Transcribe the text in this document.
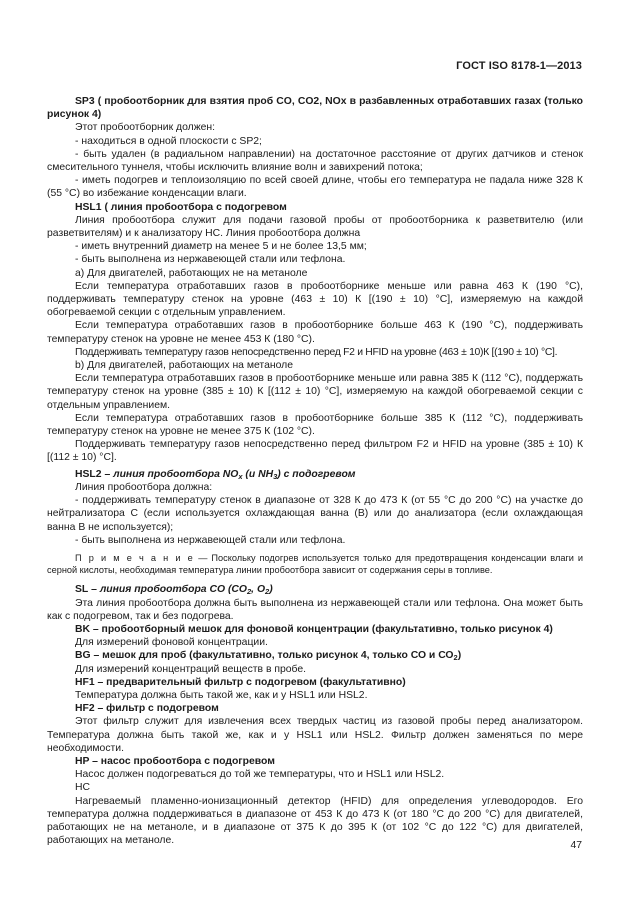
ГОСТ ISO 8178-1—2013

SP3 ( пробоотборник для взятия проб CO, CO2, NOx в разбавленных отработавших газах (только рисунок 4)

Этот пробоотборник должен:

- находиться в одной плоскости с SP2;

- быть удален (в радиальном направлении) на достаточное расстояние от других датчиков и стенок смесительного туннеля, чтобы исключить влияние волн и завихрений потока;

- иметь подогрев и теплоизоляцию по всей своей длине, чтобы его температура не падала ниже 328 К (55 °С) во избежание конденсации влаги.

HSL1 ( линия пробоотбора с подогревом

Линия пробоотбора служит для подачи газовой пробы от пробоотборника к разветвителю (или разветвителям) и к анализатору НС. Линия пробоотбора должна

- иметь внутренний диаметр на менее 5 и не более 13,5 мм;

- быть выполнена из нержавеющей стали или тефлона.

а) Для двигателей, работающих не на метаноле

Если температура отработавших газов в пробоотборнике меньше или равна 463 К (190 °С), поддерживать температуру стенок на уровне (463 ± 10) К [(190 ± 10) °С], измеряемую на каждой обогреваемой секции с отдельным управлением.

Если температура отработавших газов в пробоотборнике больше 463 К (190 °С), поддерживать температуру стенок на уровне не менее 453 К (180 °С).

Поддерживать температуру газов непосредственно перед F2 и HFID на уровне (463 ± 10)К [(190 ± 10) °С].

b) Для двигателей, работающих на метаноле

Если температура отработавших газов в пробоотборнике меньше или равна 385 К (112 °С), поддержать температуру стенок на уровне (385 ± 10) К [(112 ± 10) °С], измеряемую на каждой обогреваемой секции с отдельным управлением.

Если температура отработавших газов в пробоотборнике больше 385 К (112 °С), поддерживать температуру стенок на уровне не менее 375 К (102 °С).

Поддерживать температуру газов непосредственно перед фильтром F2 и HFID на уровне (385 ± 10) К [(112 ± 10) °С].

HSL2 – линия пробоотбора $NO_x$ (и $NH_3$) с подогревом

Линия пробоотбора должна:

- поддерживать температуру стенок в диапазоне от 328 К до 473 К (от 55 °С до 200 °С) на участке до нейтрализатора С (если используется охлаждающая ванна (В) или до анализатора (если охлаждающая ванна В не используется);

- быть выполнена из нержавеющей стали или тефлона.

П р и м е ч а н и е — Поскольку подогрев используется только для предотвращения конденсации влаги и серной кислоты, необходимая температура линии пробоотбора зависит от содержания серы в топливе.

SL – линия пробоотбора СО ($СО_2$, $O_2$)

Эта линия пробоотбора должна быть выполнена из нержавеющей стали или тефлона. Она может быть как с подогревом, так и без подогрева.

BK – пробоотборный мешок для фоновой концентрации (факультативно, только рисунок 4)

Для измерений фоновой концентрации.

BG – мешок для проб (факультативно, только рисунок 4, только СО и $СО_2$)

Для измерений концентраций веществ в пробе.

HF1 – предварительный фильтр с подогревом (факультативно)

Температура должна быть такой же, как и у HSL1 или HSL2.

HF2 – фильтр с подогревом

Этот фильтр служит для извлечения всех твердых частиц из газовой пробы перед анализатором. Температура должна быть такой же, как и у HSL1 или HSL2. Фильтр должен заменяться по мере необходимости.

HP – насос пробоотбора с подогревом

Насос должен подогреваться до той же температуры, что и HSL1 или HSL2.

НС

Нагреваемый пламенно-ионизационный детектор (HFID) для определения углеводородов. Его температура должна поддерживаться в диапазоне от 453 К до 473 К (от 180 °С до 200 °С) для двигателей, работающих не на метаноле, и в диапазоне от 375 К до 395 К (от 102 °С до 122 °С) для двигателей, работающих на метаноле.	47
